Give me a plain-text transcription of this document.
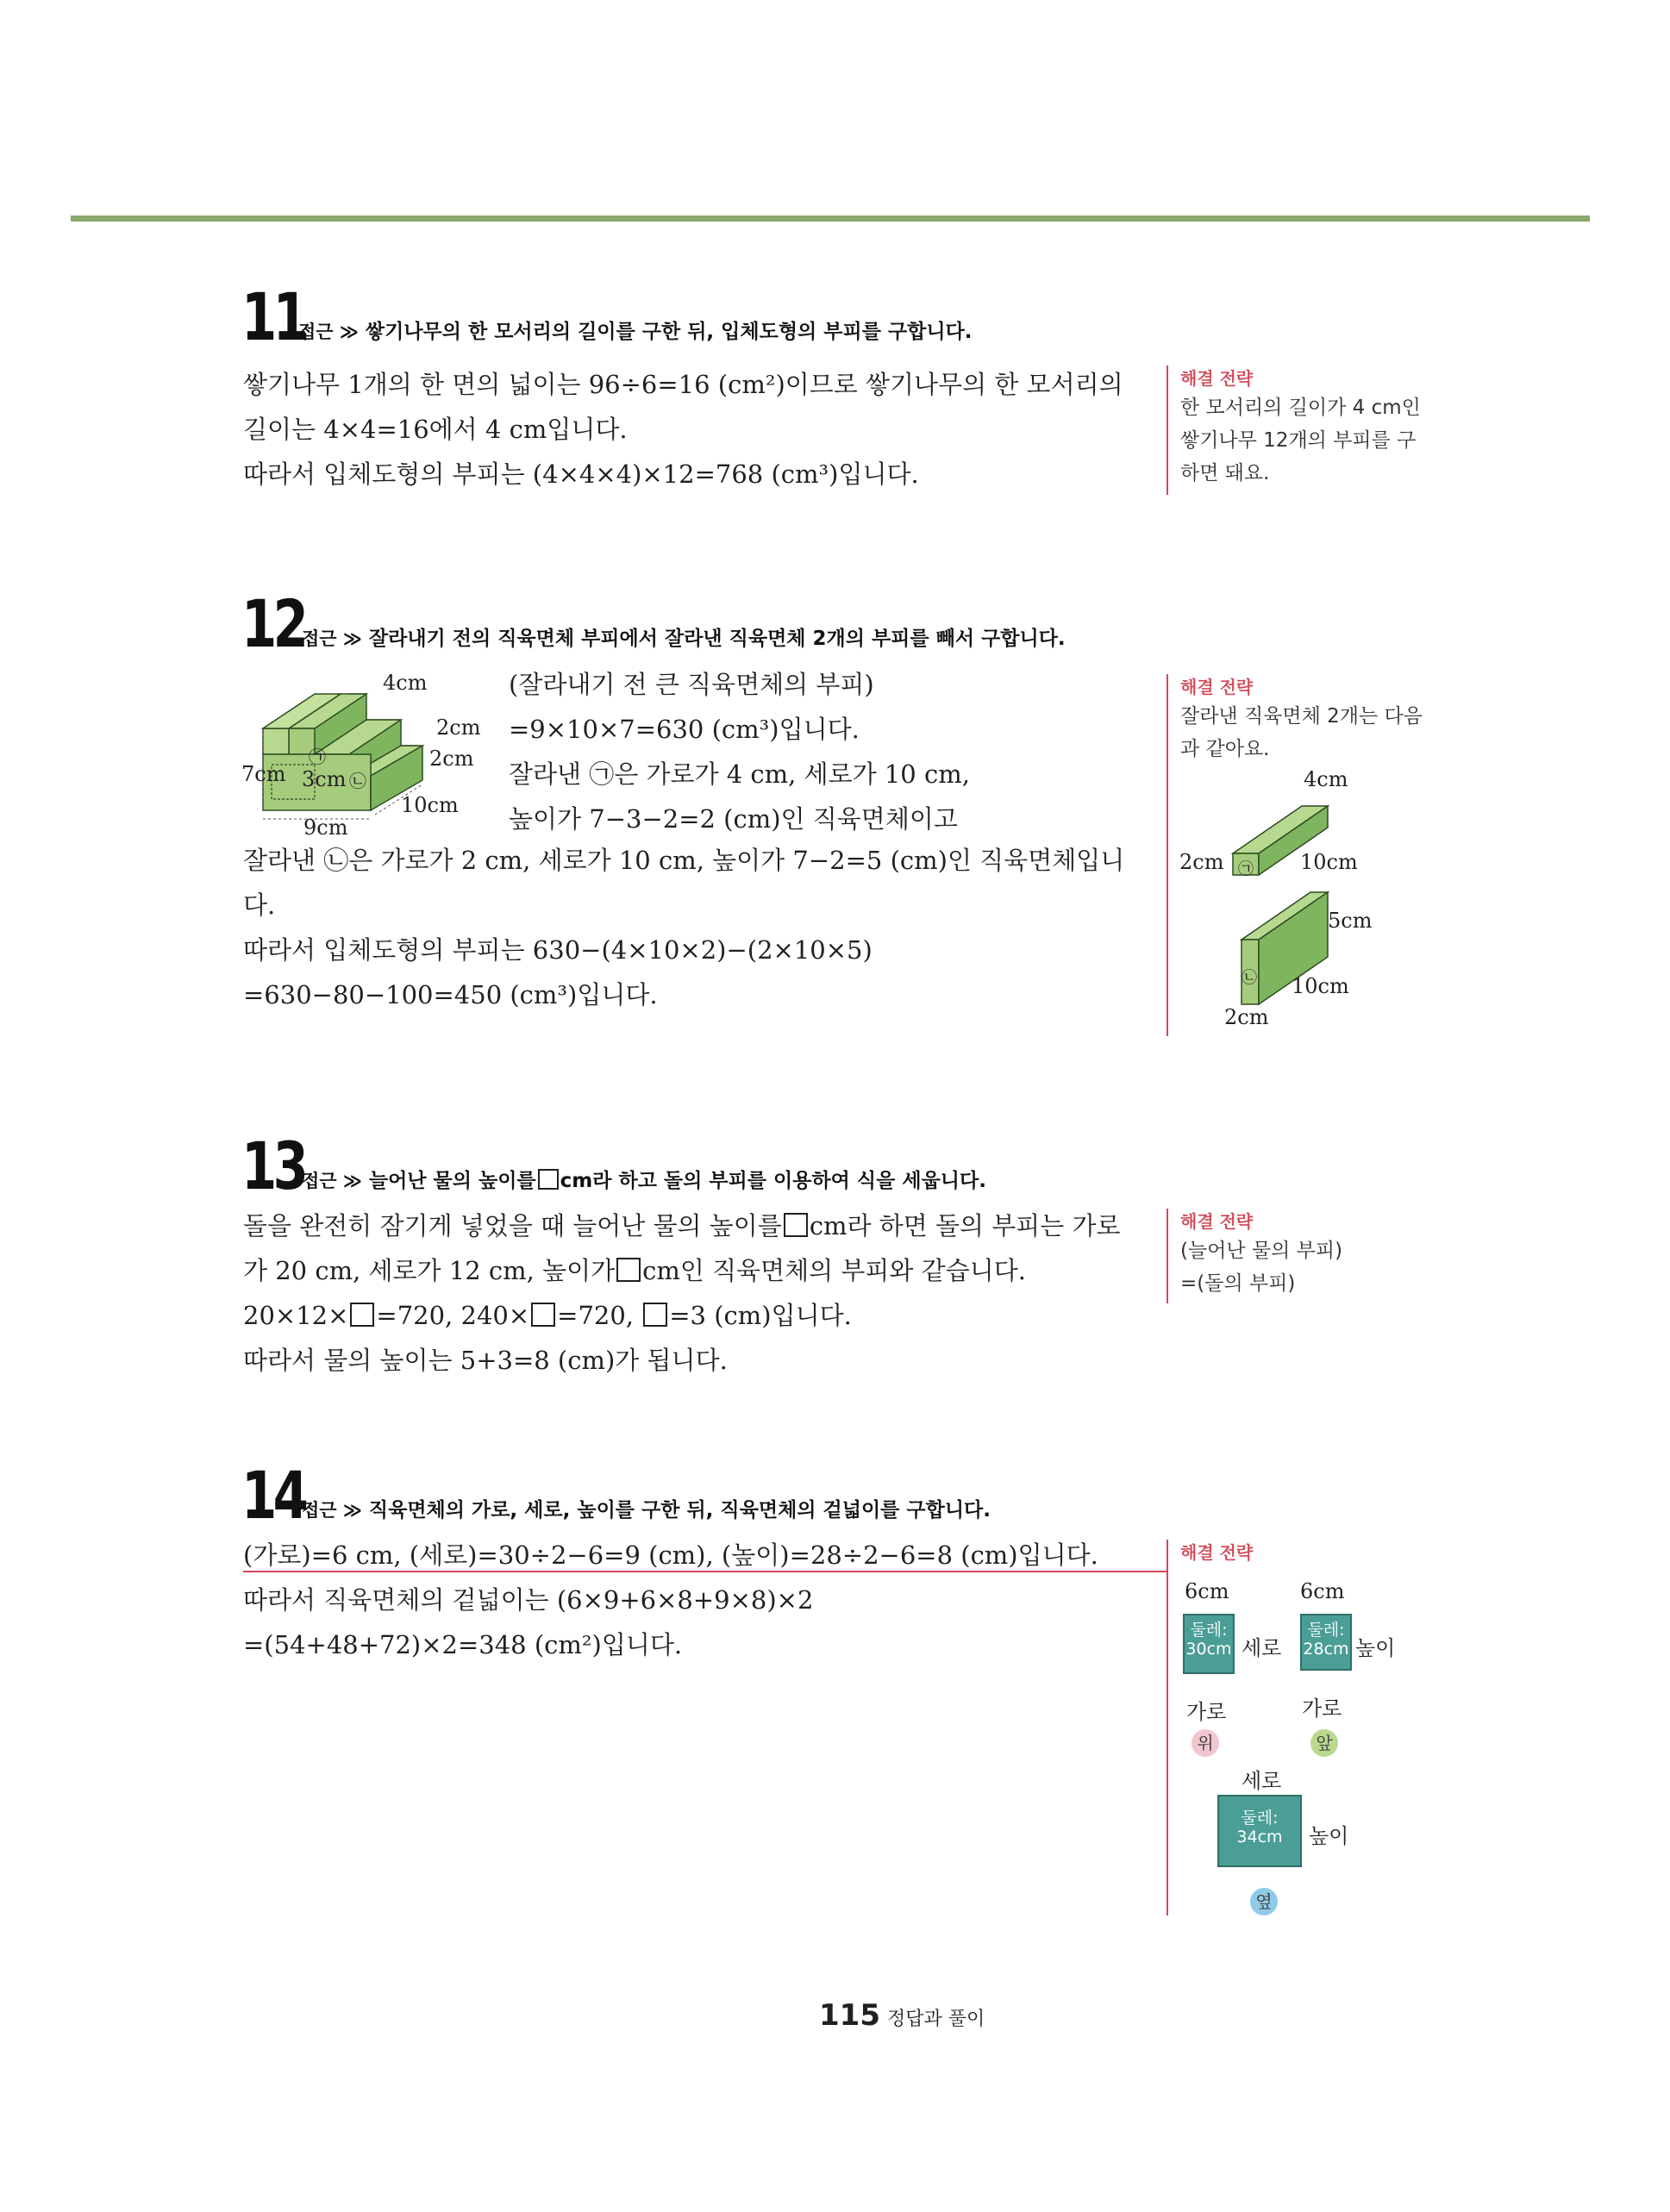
11
접근 ≫ 쌓기나무의 한 모서리의 길이를 구한 뒤, 입체도형의 부피를 구합니다.
쌓기나무 1개의 한 면의 넓이는 96÷6=16 (cm²)이므로 쌓기나무의 한 모서리의
길이는 4×4=16에서 4 cm입니다.
따라서 입체도형의 부피는 (4×4×4)×12=768 (cm³)입니다.
해결 전략
한 모서리의 길이가 4 cm인
쌓기나무 12개의 부피를 구
하면 돼요.
12
접근 ≫ 잘라내기 전의 직육면체 부피에서 잘라낸 직육면체 2개의 부피를 빼서 구합니다.
4cm
2cm
2cm
7cm 3cm
10cm
9cm
㉠
㉡
(잘라내기 전 큰 직육면체의 부피)
=9×10×7=630 (cm³)입니다.
잘라낸 ㉠은 가로가 4 cm, 세로가 10 cm,
높이가 7−3−2=2 (cm)인 직육면체이고
잘라낸 ㉡은 가로가 2 cm, 세로가 10 cm, 높이가 7−2=5 (cm)인 직육면체입니
다.
따라서 입체도형의 부피는 630−(4×10×2)−(2×10×5)
=630−80−100=450 (cm³)입니다.
해결 전략
잘라낸 직육면체 2개는 다음
과 같아요.
4cm
2cm	10cm
㉠
5cm
10cm
2cm
㉡
13
접근 ≫ 늘어난 물의 높이를 cm라 하고 돌의 부피를 이용하여 식을 세웁니다.
돌을 완전히 잠기게 넣었을 때 늘어난 물의 높이를 cm라 하면 돌의 부피는 가로
가 20 cm, 세로가 12 cm, 높이가 cm인 직육면체의 부피와 같습니다.
20×12× =720, 240× =720, =3 (cm)입니다.
따라서 물의 높이는 5+3=8 (cm)가 됩니다.
해결 전략
(늘어난 물의 부피)
=(돌의 부피)
14
접근 ≫ 직육면체의 가로, 세로, 높이를 구한 뒤, 직육면체의 겉넓이를 구합니다.
(가로)=6 cm, (세로)=30÷2−6=9 (cm), (높이)=28÷2−6=8 (cm)입니다.
따라서 직육면체의 겉넓이는 (6×9+6×8+9×8)×2
=(54+48+72)×2=348 (cm²)입니다.
해결 전략
6cm
둘레:
30cm 세로
가로
위
6cm
둘레:
28cm 높이
가로
앞
세로
둘레:
34cm	높이
옆
115 정답과 풀이
